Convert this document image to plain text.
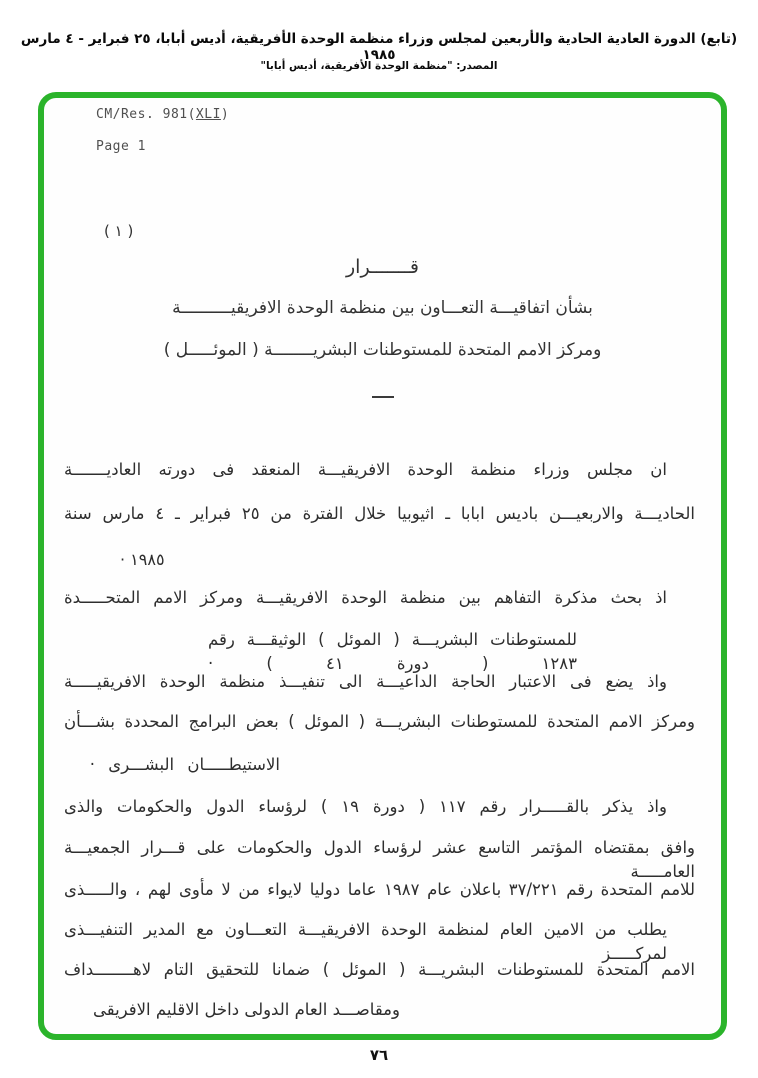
(تابع) الدورة العادية الحادية والأربعين لمجلس وزراء منظمة الوحدة الأفريقية، أديس أبابا، ٢٥ فبراير - ٤ مارس ١٩٨٥
المصدر: "منظمة الوحدة الأفريقية، أديس أبابا"
CM/Res. 981(XLI)
Page 1
( ١ )
قـــــــرار
بشأن اتفاقيـــة التعـــاون بين منظمة الوحدة الافريقيــــــــــة
ومركز الامم المتحدة للمستوطنات البشريــــــــة ( الموئـــــل )
ان مجلس وزراء منظمة الوحدة الافريقيـــة المنعقد فى دورته العاديـــــــة
الحاديـــة والاربعيـــن باديس ابابا ـ اثيوبيا خلال الفترة من ٢٥ فبراير ـ ٤ مارس سنة
١٩٨٥ ·
اذ بحث مذكرة التفاهم بين منظمة الوحدة الافريقيـــة ومركز الامم المتحـــــدة
للمستوطنات البشريـــة ( الموئل ) الوثيقـــة رقم ١٢٨٣ ( دورة ٤١ ) ·
واذ يضع فى الاعتبار الحاجة الداعيـــة الى تنفيـــذ منظمة الوحدة الافريقيـــــة
ومركز الامم المتحدة للمستوطنات البشريـــة ( الموئل ) بعض البرامج المحددة بشـــأن
الاستيطـــــان البشـــرى ·
واذ يذكر بالقـــــرار رقم ١١٧ ( دورة ١٩ ) لرؤساء الدول والحكومات والذى
وافق بمقتضاه المؤتمر التاسع عشر لرؤساء الدول والحكومات على قـــرار الجمعيـــة العامـــــة
للامم المتحدة رقم ٣٧/٢٢١ باعلان عام ١٩٨٧ عاما دوليا لايواء من لا مأوى لهم ، والـــــذى
يطلب من الامين العام لمنظمة الوحدة الافريقيـــة التعـــاون مع المدير التنفيـــذى لمركـــــز
الامم المتحدة للمستوطنات البشريـــة ( الموئل ) ضمانا للتحقيق التام لاهــــــــداف
ومقاصـــد العام الدولى داخل الاقليم الافريقى
٧٦
